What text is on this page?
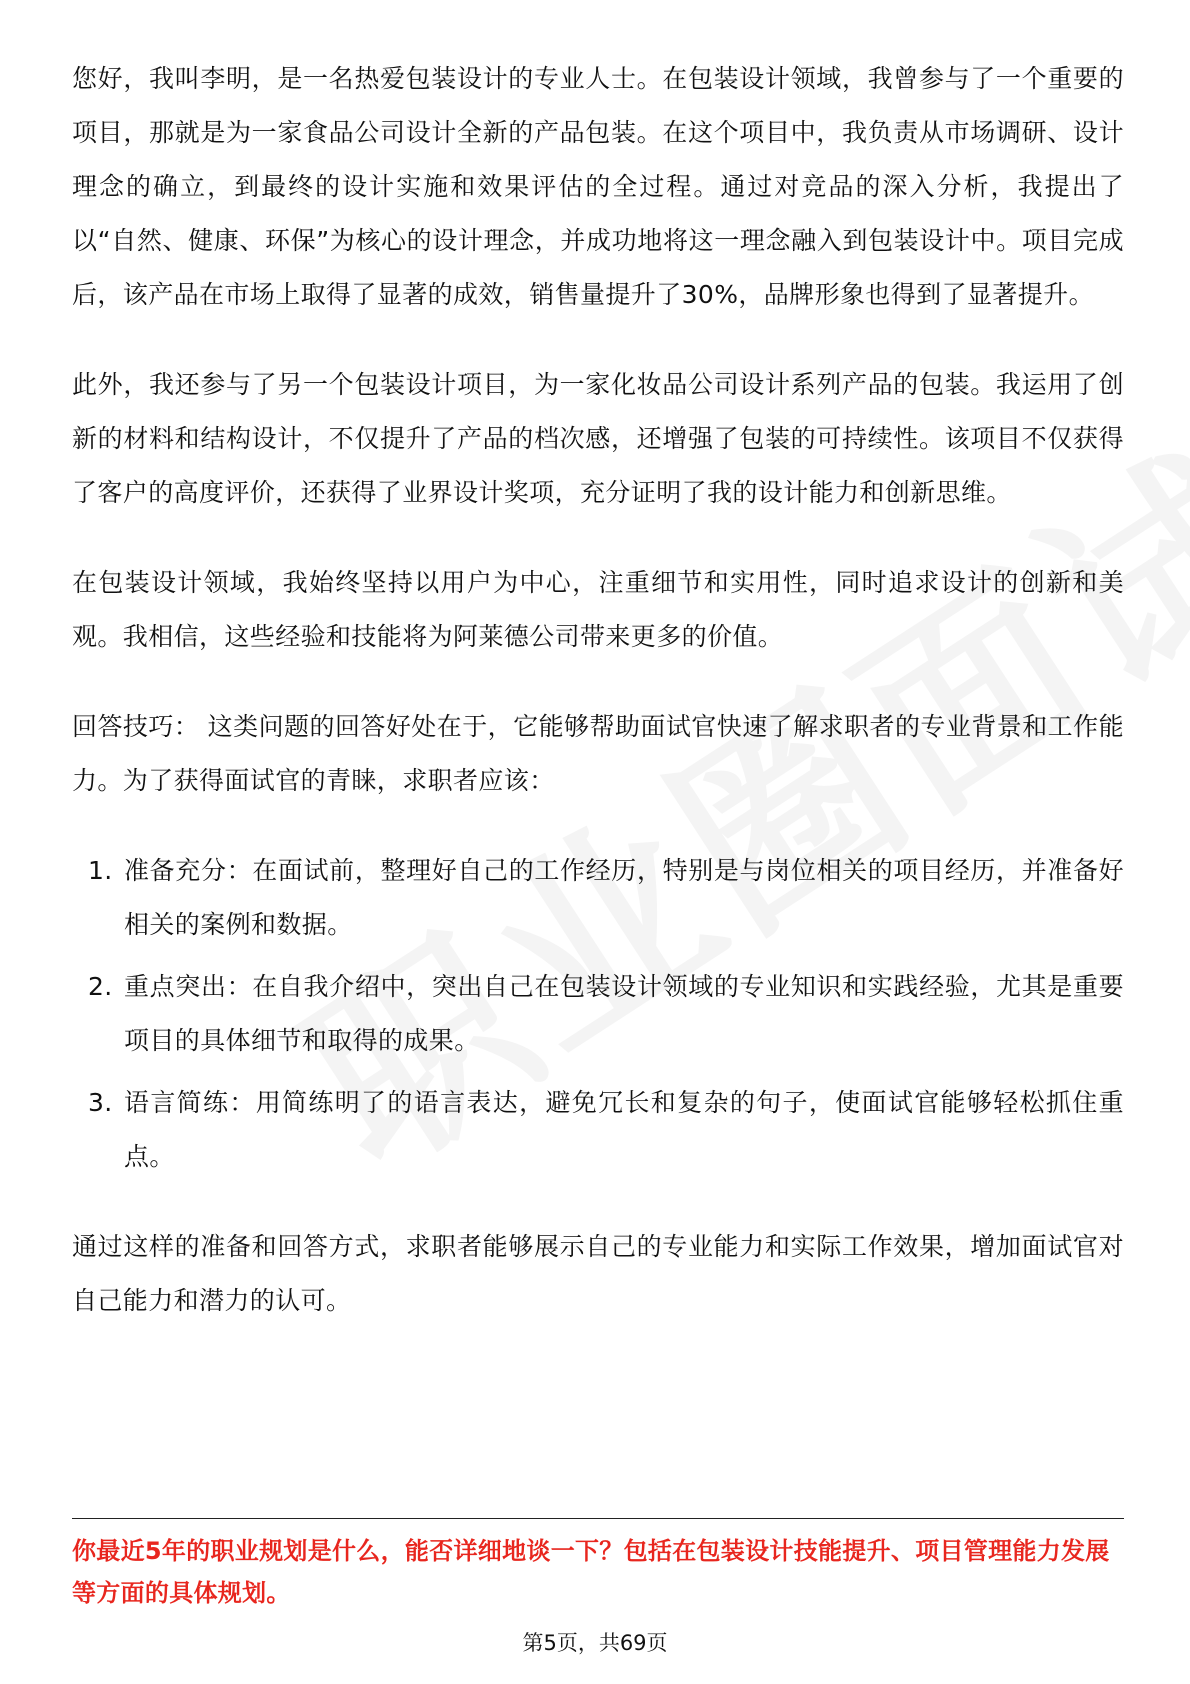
您好，我叫李明，是一名热爱包装设计的专业人士。在包装设计领域，我曾参与了一个重要的项目，那就是为一家食品公司设计全新的产品包装。在这个项目中，我负责从市场调研、设计理念的确立，到最终的设计实施和效果评估的全过程。通过对竞品的深入分析，我提出了以“自然、健康、环保”为核心的设计理念，并成功地将这一理念融入到包装设计中。项目完成后，该产品在市场上取得了显著的成效，销售量提升了30%，品牌形象也得到了显著提升。

此外，我还参与了另一个包装设计项目，为一家化妆品公司设计系列产品的包装。我运用了创新的材料和结构设计，不仅提升了产品的档次感，还增强了包装的可持续性。该项目不仅获得了客户的高度评价，还获得了业界设计奖项，充分证明了我的设计能力和创新思维。

在包装设计领域，我始终坚持以用户为中心，注重细节和实用性，同时追求设计的创新和美观。我相信，这些经验和技能将为阿莱德公司带来更多的价值。

回答技巧： 这类问题的回答好处在于，它能够帮助面试官快速了解求职者的专业背景和工作能力。为了获得面试官的青睐，求职者应该：

1. 准备充分：在面试前，整理好自己的工作经历，特别是与岗位相关的项目经历，并准备好相关的案例和数据。
2. 重点突出：在自我介绍中，突出自己在包装设计领域的专业知识和实践经验，尤其是重要项目的具体细节和取得的成果。
3. 语言简练：用简练明了的语言表达，避免冗长和复杂的句子，使面试官能够轻松抓住重点。

通过这样的准备和回答方式，求职者能够展示自己的专业能力和实际工作效果，增加面试官对自己能力和潜力的认可。

你最近5年的职业规划是什么，能否详细地谈一下？包括在包装设计技能提升、项目管理能力发展等方面的具体规划。
第5页，共69页
